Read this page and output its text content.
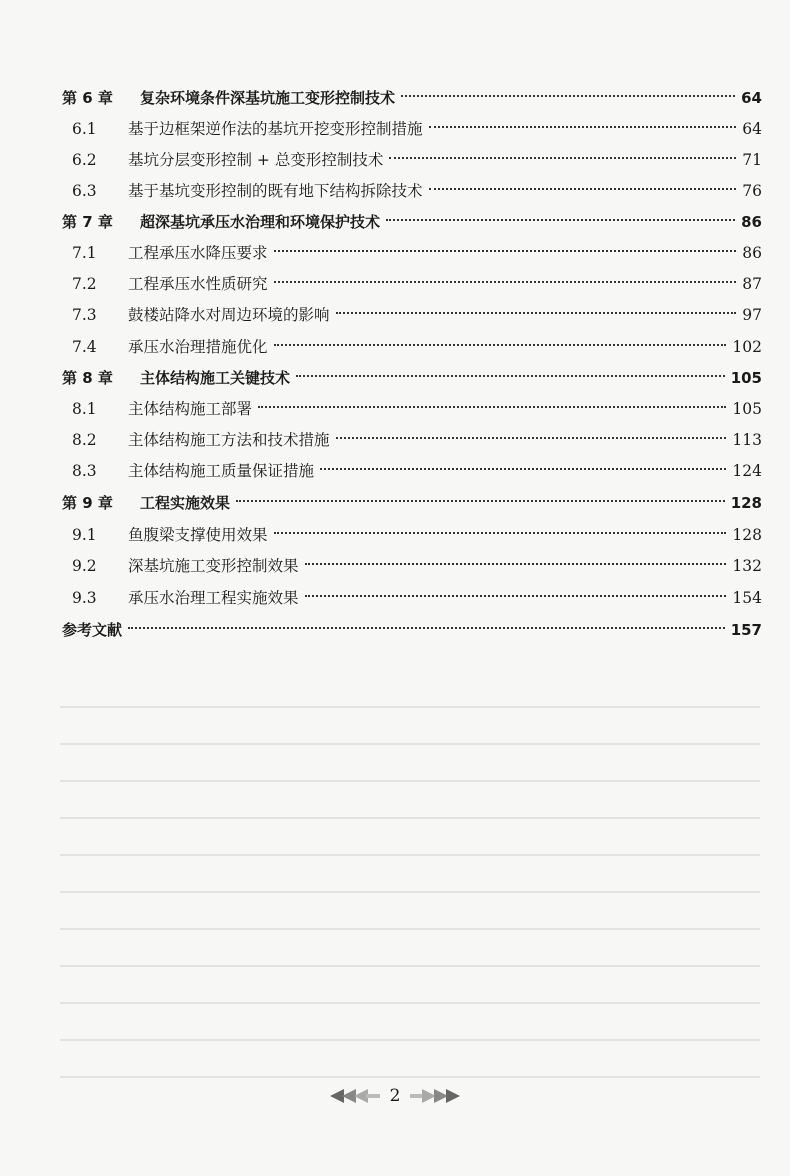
第 6 章	复杂环境条件深基坑施工变形控制技术	64
6.1	基于边框架逆作法的基坑开挖变形控制措施	64
6.2	基坑分层变形控制 + 总变形控制技术	71
6.3	基于基坑变形控制的既有地下结构拆除技术	76
第 7 章	超深基坑承压水治理和环境保护技术	86
7.1	工程承压水降压要求	86
7.2	工程承压水性质研究	87
7.3	鼓楼站降水对周边环境的影响	97
7.4	承压水治理措施优化	102
第 8 章	主体结构施工关键技术	105
8.1	主体结构施工部署	105
8.2	主体结构施工方法和技术措施	113
8.3	主体结构施工质量保证措施	124
第 9 章	工程实施效果	128
9.1	鱼腹梁支撑使用效果	128
9.2	深基坑施工变形控制效果	132
9.3	承压水治理工程实施效果	154
参考文献	157
2
